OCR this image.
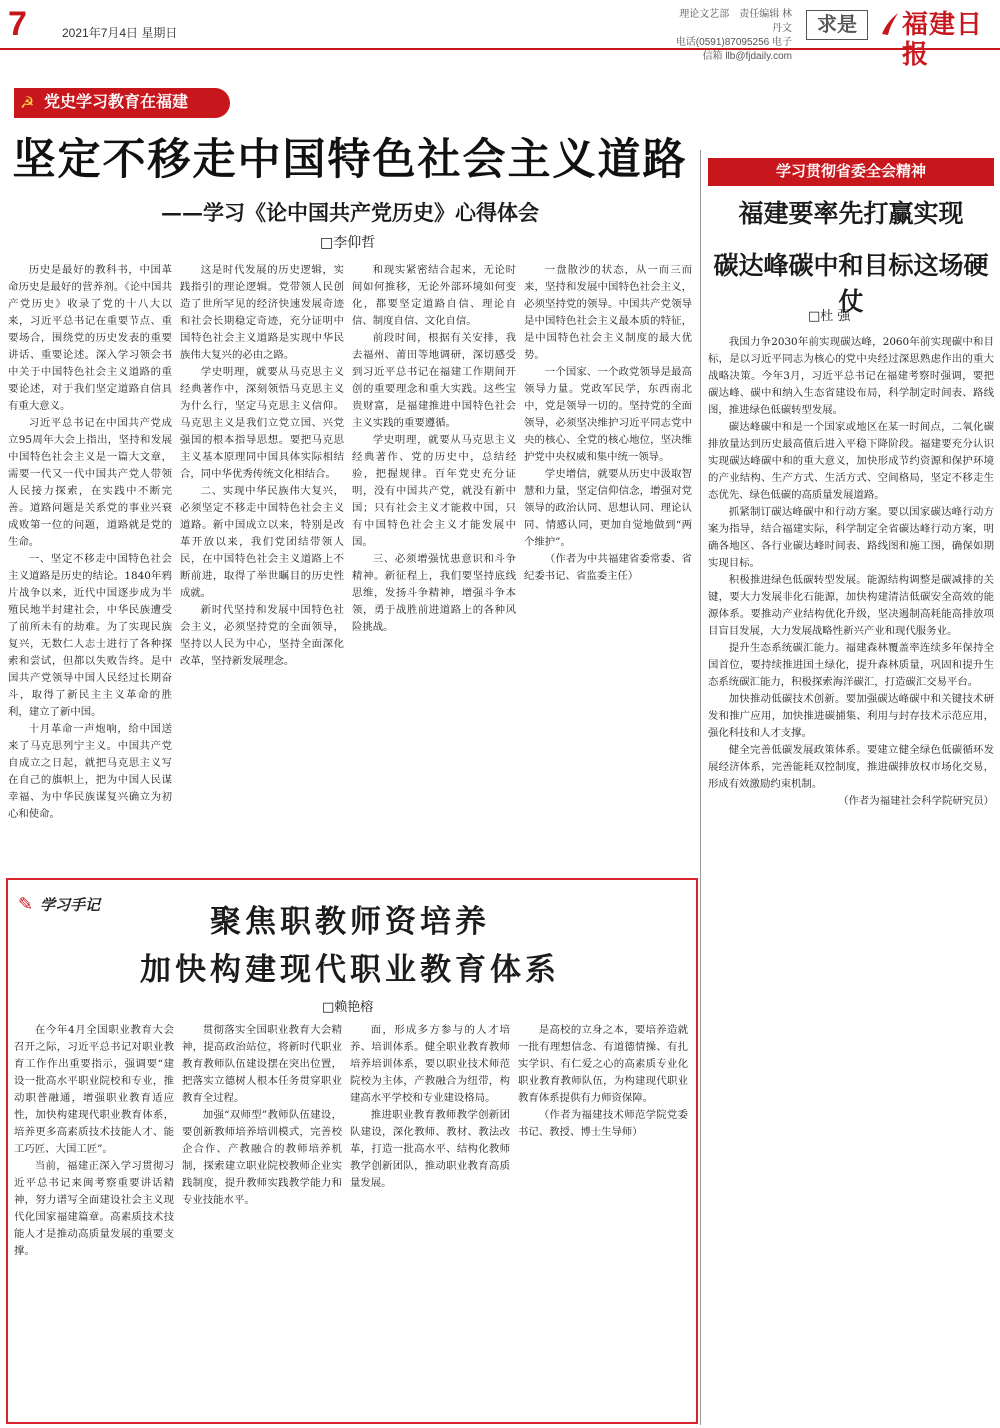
7	2021年7月4日 星期日
理论文艺部　责任编辑 林丹文
电话(0591)87095256 电子信箱 llb@fjdaily.com
求是	福建日报
☭ 党史学习教育在福建
坚定不移走中国特色社会主义道路
——学习《论中国共产党历史》心得体会
□李仰哲

历史是最好的教科书，中国革命历史是最好的营养剂。《论中国共产党历史》收录了党的十八大以来，习近平总书记在重要节点、重要场合，围绕党的历史发表的重要讲话、重要论述。深入学习领会书中关于中国特色社会主义道路的重要论述，对于我们坚定道路自信具有重大意义。

习近平总书记在中国共产党成立95周年大会上指出，坚持和发展中国特色社会主义是一篇大文章，需要一代又一代中国共产党人带领人民接力探索，在实践中不断完善。道路问题是关系党的事业兴衰成败第一位的问题，道路就是党的生命。

一、坚定不移走中国特色社会主义道路是历史的结论。1840年鸦片战争以来，近代中国逐步成为半殖民地半封建社会，中华民族遭受了前所未有的劫难。为了实现民族复兴，无数仁人志士进行了各种探索和尝试，但都以失败告终。是中国共产党领导中国人民经过长期奋斗，取得了新民主主义革命的胜利，建立了新中国。

十月革命一声炮响，给中国送来了马克思列宁主义。中国共产党自成立之日起，就把马克思主义写在自己的旗帜上，把为中国人民谋幸福、为中华民族谋复兴确立为初心和使命。

这是时代发展的历史逻辑，实践指引的理论逻辑。党带领人民创造了世所罕见的经济快速发展奇迹和社会长期稳定奇迹，充分证明中国特色社会主义道路是实现中华民族伟大复兴的必由之路。

学史明理，就要从马克思主义经典著作中，深刻领悟马克思主义为什么行，坚定马克思主义信仰。马克思主义是我们立党立国、兴党强国的根本指导思想。要把马克思主义基本原理同中国具体实际相结合，同中华优秀传统文化相结合。

二、实现中华民族伟大复兴，必须坚定不移走中国特色社会主义道路。新中国成立以来，特别是改革开放以来，我们党团结带领人民，在中国特色社会主义道路上不断前进，取得了举世瞩目的历史性成就。

新时代坚持和发展中国特色社会主义，必须坚持党的全面领导，坚持以人民为中心，坚持全面深化改革，坚持新发展理念。

和现实紧密结合起来，无论时间如何推移，无论外部环境如何变化，都要坚定道路自信、理论自信、制度自信、文化自信。

前段时间，根据有关安排，我去福州、莆田等地调研，深切感受到习近平总书记在福建工作期间开创的重要理念和重大实践。这些宝贵财富，是福建推进中国特色社会主义实践的重要遵循。

学史明理，就要从马克思主义经典著作、党的历史中，总结经验，把握规律。百年党史充分证明，没有中国共产党，就没有新中国；只有社会主义才能救中国，只有中国特色社会主义才能发展中国。

三、必须增强忧患意识和斗争精神。新征程上，我们要坚持底线思维，发扬斗争精神，增强斗争本领，勇于战胜前进道路上的各种风险挑战。

一盘散沙的状态，从一而三而来，坚持和发展中国特色社会主义，必须坚持党的领导。中国共产党领导是中国特色社会主义最本质的特征，是中国特色社会主义制度的最大优势。

一个国家、一个政党领导是最高领导力量。党政军民学，东西南北中，党是领导一切的。坚持党的全面领导，必须坚决维护习近平同志党中央的核心、全党的核心地位，坚决维护党中央权威和集中统一领导。

学史增信，就要从历史中汲取智慧和力量，坚定信仰信念，增强对党领导的政治认同、思想认同、理论认同、情感认同，更加自觉地做到“两个维护”。

（作者为中共福建省委常委、省纪委书记、省监委主任）

学习贯彻省委全会精神
福建要率先打赢实现
碳达峰碳中和目标这场硬仗
□杜 强

我国力争2030年前实现碳达峰，2060年前实现碳中和目标，是以习近平同志为核心的党中央经过深思熟虑作出的重大战略决策。今年3月，习近平总书记在福建考察时强调，要把碳达峰、碳中和纳入生态省建设布局，科学制定时间表、路线图，推进绿色低碳转型发展。

碳达峰碳中和是一个国家或地区在某一时间点，二氧化碳排放量达到历史最高值后进入平稳下降阶段。福建要充分认识实现碳达峰碳中和的重大意义，加快形成节约资源和保护环境的产业结构、生产方式、生活方式、空间格局，坚定不移走生态优先、绿色低碳的高质量发展道路。

抓紧制订碳达峰碳中和行动方案。要以国家碳达峰行动方案为指导，结合福建实际，科学制定全省碳达峰行动方案，明确各地区、各行业碳达峰时间表、路线图和施工图，确保如期实现目标。

积极推进绿色低碳转型发展。能源结构调整是碳减排的关键，要大力发展非化石能源，加快构建清洁低碳安全高效的能源体系。要推动产业结构优化升级，坚决遏制高耗能高排放项目盲目发展，大力发展战略性新兴产业和现代服务业。

提升生态系统碳汇能力。福建森林覆盖率连续多年保持全国首位，要持续推进国土绿化，提升森林质量，巩固和提升生态系统碳汇能力，积极探索海洋碳汇，打造碳汇交易平台。

加快推动低碳技术创新。要加强碳达峰碳中和关键技术研发和推广应用，加快推进碳捕集、利用与封存技术示范应用，强化科技和人才支撑。

健全完善低碳发展政策体系。要建立健全绿色低碳循环发展经济体系，完善能耗双控制度，推进碳排放权市场化交易，形成有效激励约束机制。

（作者为福建社会科学院研究员）

✎ 学习手记	聚焦职教师资培养
加快构建现代职业教育体系
□赖艳榕

在今年4月全国职业教育大会召开之际，习近平总书记对职业教育工作作出重要指示，强调要“建设一批高水平职业院校和专业，推动职普融通，增强职业教育适应性，加快构建现代职业教育体系，培养更多高素质技术技能人才、能工巧匠、大国工匠”。

当前，福建正深入学习贯彻习近平总书记来闽考察重要讲话精神，努力谱写全面建设社会主义现代化国家福建篇章。高素质技术技能人才是推动高质量发展的重要支撑。

贯彻落实全国职业教育大会精神，提高政治站位，将新时代职业教育教师队伍建设摆在突出位置，把落实立德树人根本任务贯穿职业教育全过程。

加强“双师型”教师队伍建设，要创新教师培养培训模式，完善校企合作、产教融合的教师培养机制，探索建立职业院校教师企业实践制度，提升教师实践教学能力和专业技能水平。

面，形成多方参与的人才培养、培训体系。健全职业教育教师培养培训体系，要以职业技术师范院校为主体，产教融合为纽带，构建高水平学校和专业建设格局。

推进职业教育教师教学创新团队建设，深化教师、教材、教法改革，打造一批高水平、结构化教师教学创新团队，推动职业教育高质量发展。

是高校的立身之本，要培养造就一批有理想信念、有道德情操、有扎实学识、有仁爱之心的高素质专业化职业教育教师队伍，为构建现代职业教育体系提供有力师资保障。

（作者为福建技术师范学院党委书记、教授、博士生导师）
